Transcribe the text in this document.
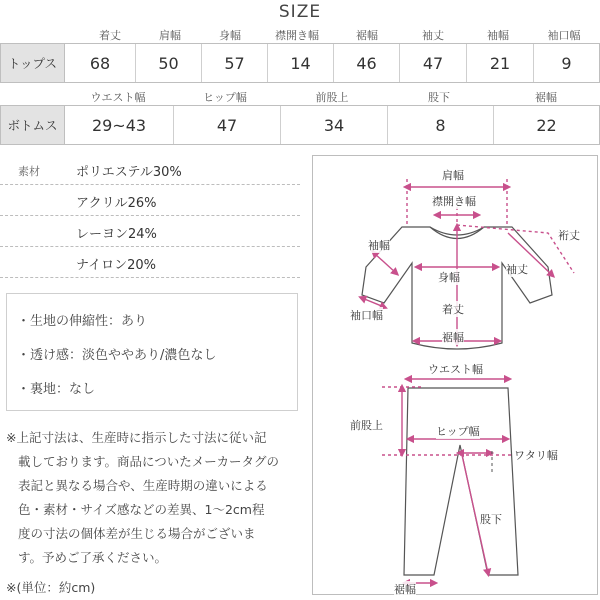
SIZE
着丈	肩幅	身幅	襟開き幅	裾幅	袖丈	袖幅	袖口幅
トップス	68	50	57	14	46	47	21	9
ウエスト幅	ヒップ幅	前股上	股下	裾幅
ボトムス	29~43	47	34	8	22
素材	ポリエステル30%
アクリル26%
レーヨン24%
ナイロン20%
・生地の伸縮性：あり
・透け感：淡色ややあり/濃色なし
・裏地：なし
※上記寸法は、生産時に指示した寸法に従い記
載しております。商品についたメーカータグの
表記と異なる場合や、生産時期の違いによる
色・素材・サイズ感などの差異、1～2cm程
度の寸法の個体差が生じる場合がございま
す。予めご了承ください。
※(単位：約cm)
肩幅
襟開き幅
裄丈
袖幅
身幅
袖丈
袖口幅	着丈
裾幅
ウエスト幅
前股上	ヒップ幅
ワタリ幅
股下
裾幅
